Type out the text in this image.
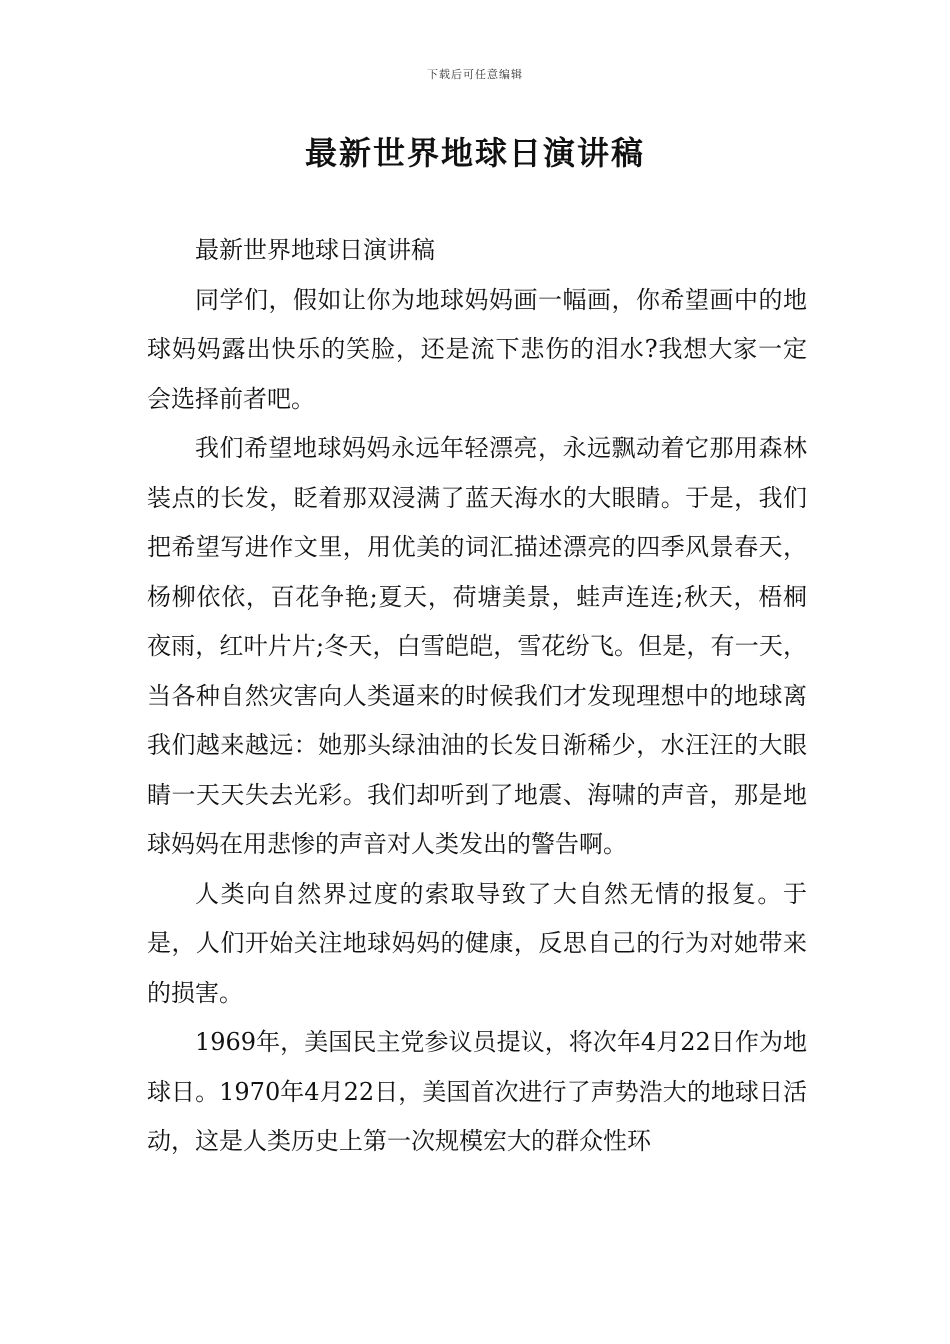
下载后可任意编辑
最新世界地球日演讲稿

最新世界地球日演讲稿

同学们，假如让你为地球妈妈画一幅画，你希望画中的地球妈妈露出快乐的笑脸，还是流下悲伤的泪水?我想大家一定会选择前者吧。

我们希望地球妈妈永远年轻漂亮，永远飘动着它那用森林装点的长发，眨着那双浸满了蓝天海水的大眼睛。于是，我们把希望写进作文里，用优美的词汇描述漂亮的四季风景春天，杨柳依依，百花争艳;夏天，荷塘美景，蛙声连连;秋天，梧桐夜雨，红叶片片;冬天，白雪皑皑，雪花纷飞。但是，有一天，当各种自然灾害向人类逼来的时候我们才发现理想中的地球离我们越来越远：她那头绿油油的长发日渐稀少，水汪汪的大眼睛一天天失去光彩。我们却听到了地震、海啸的声音，那是地球妈妈在用悲惨的声音对人类发出的警告啊。

人类向自然界过度的索取导致了大自然无情的报复。于是，人们开始关注地球妈妈的健康，反思自己的行为对她带来的损害。

1969年，美国民主党参议员提议，将次年4月22日作为地球日。1970年4月22日，美国首次进行了声势浩大的地球日活动，这是人类历史上第一次规模宏大的群众性环
